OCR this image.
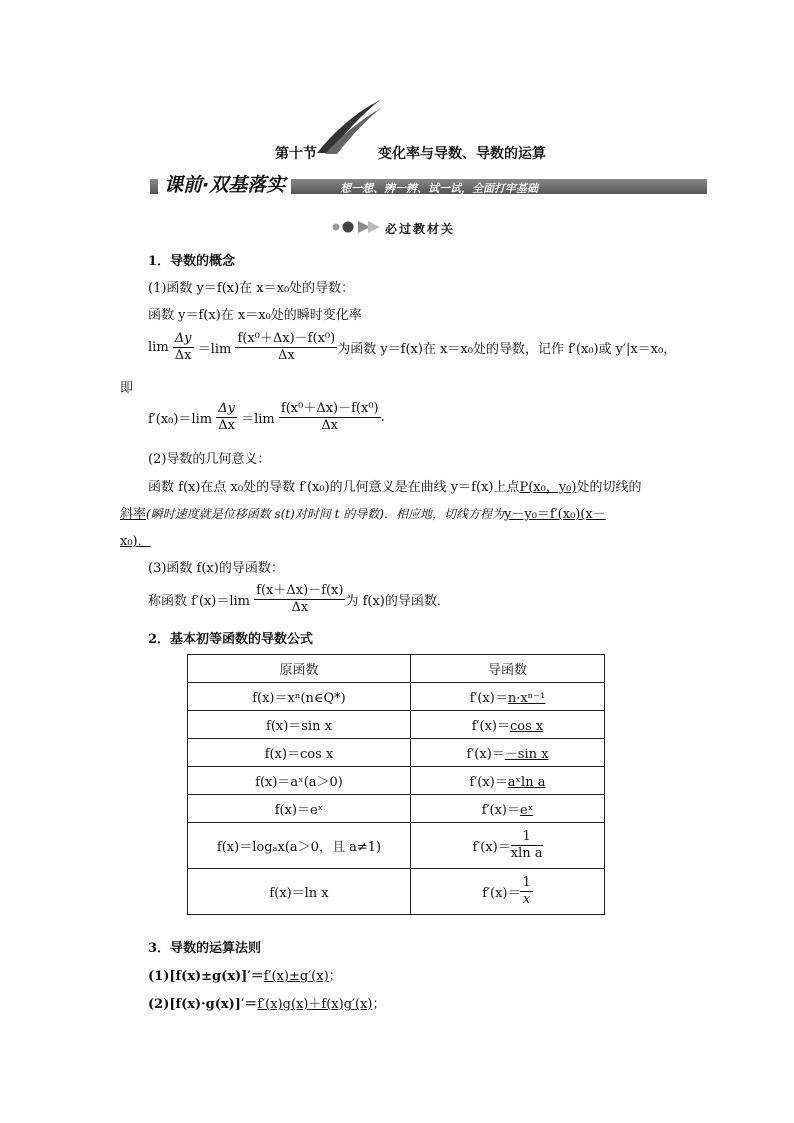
第十节	变化率与导数、导数的运算
课前·双基落实	想一想、辨一辨、试一试，全面打牢基础
必过教材关
1．导数的概念
(1)函数 y＝f(x)在 x＝x₀处的导数：
函数 y＝f(x)在 x＝x₀处的瞬时变化率
$\lim \frac{\Delta y}{\Delta x} =\lim \frac{\text{f(x⁰＋Δx)－f(x⁰)}}{\Delta x}$ 为函数 y＝f(x)在 x＝x₀处的导数，记作 f′(x₀)或 y′|x＝x₀，
即
$f'(x_0)=\lim \frac{\Delta y}{\Delta x} =\lim \frac{\text{f(x⁰＋Δx)－f(x⁰)}}{\Delta x}$ .
(2)导数的几何意义：
函数 f(x)在点 x₀处的导数 f′(x₀)的几何意义是在曲线 y＝f(x)上点P(x₀，y₀)处的切线的
斜率(瞬时速度就是位移函数 s(t)对时间 t 的导数)．相应地，切线方程为y－y₀＝f′(x₀)(x－
x₀)．
(3)函数 f(x)的导函数：
称函数 $f'(x)=\lim \frac{f(x+\Delta x)-f(x)}{\Delta x}$ 为 f(x)的导函数．
2．基本初等函数的导数公式
原函数	导函数
f(x)＝xⁿ(n∈Q*)	f′(x)＝n·xⁿ⁻¹
f(x)＝sin x	f′(x)＝cos x
f(x)＝cos x	f′(x)＝－sin x
f(x)＝aˣ(a＞0)	f′(x)＝aˣln a
f(x)＝eˣ	f′(x)＝eˣ
f(x)＝logₐx(a＞0，且 a≠1)	$f'(x)= \frac{1}{\text{xln a}}$

f(x)＝ln x	$f'(x)= \frac{1}{x}$
3．导数的运算法则
(1)[f(x)±g(x)]′＝f′(x)±g′(x)；
(2)[f(x)·g(x)]′＝f′(x)g(x)＋f(x)g′(x)；
